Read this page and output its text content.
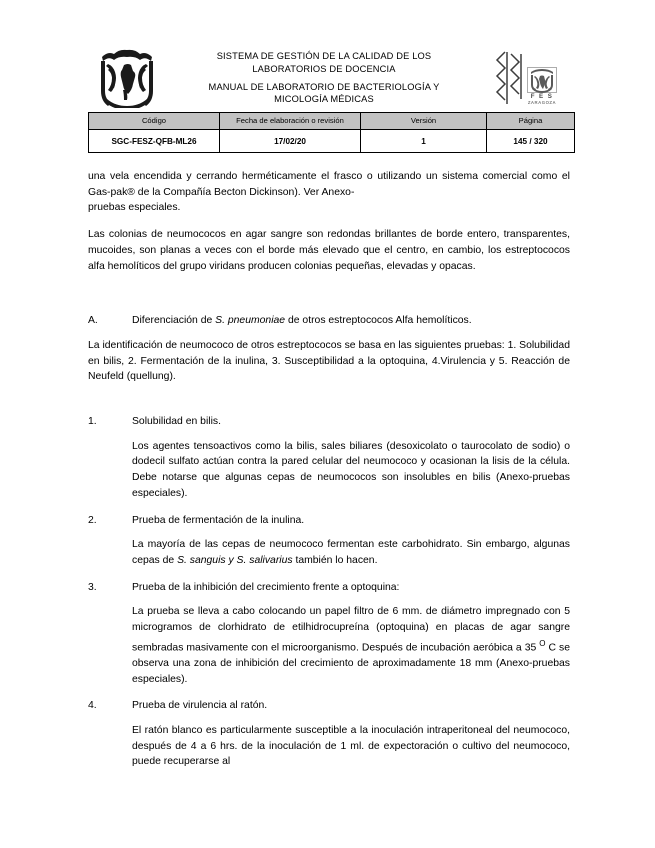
SISTEMA DE GESTIÓN DE LA CALIDAD DE LOS
LABORATORIOS DE DOCENCIA
MANUAL DE LABORATORIO DE BACTERIOLOGÍA Y
MICOLOGÍA MÉDICAS	F E S
ZARAGOZA
Código	Fecha de elaboración o revisión	Versión	Página
SGC-FESZ-QFB-ML26	17/02/20	1	145 / 320

una vela encendida y cerrando herméticamente el frasco o utilizando un sistema comercial como el Gas-pak® de la Compañía Becton Dickinson). Ver Anexo-
pruebas especiales.

Las colonias de neumococos en agar sangre son redondas brillantes de borde entero, transparentes, mucoides, son planas a veces con el borde más elevado que el centro, en cambio, los estreptococos alfa hemolíticos del grupo viridans producen colonias pequeñas, elevadas y opacas.

A.	Diferenciación de S. pneumoniae de otros estreptococos Alfa hemolíticos.

La identificación de neumococo de otros estreptococos se basa en las siguientes pruebas: 1. Solubilidad en bilis, 2. Fermentación de la inulina, 3. Susceptibilidad a la optoquina, 4.Virulencia y 5. Reacción de Neufeld (quellung).

1.	Solubilidad en bilis.

Los agentes tensoactivos como la bilis, sales biliares (desoxicolato o taurocolato de sodio) o dodecil sulfato actúan contra la pared celular del neumococo y ocasionan la lisis de la célula. Debe notarse que algunas cepas de neumococos son insolubles en bilis (Anexo-pruebas especiales).

2.	Prueba de fermentación de la inulina.

La mayoría de las cepas de neumococo fermentan este carbohidrato. Sin embargo, algunas cepas de S. sanguis y S. salivarius también lo hacen.

3.	Prueba de la inhibición del crecimiento frente a optoquina:

La prueba se lleva a cabo colocando un papel filtro de 6 mm. de diámetro impregnado con 5 microgramos de clorhidrato de etilhidrocupreína (optoquina) en placas de agar sangre sembradas masivamente con el microorganismo. Después de incubación aeróbica a 35 $^O$ C se observa una zona de inhibición del crecimiento de aproximadamente 18 mm (Anexo-pruebas especiales).

4.	Prueba de virulencia al ratón.

El ratón blanco es particularmente susceptible a la inoculación intraperitoneal del neumococo, después de 4 a 6 hrs. de la inoculación de 1 ml. de expectoración o cultivo del neumococo, puede recuperarse al
